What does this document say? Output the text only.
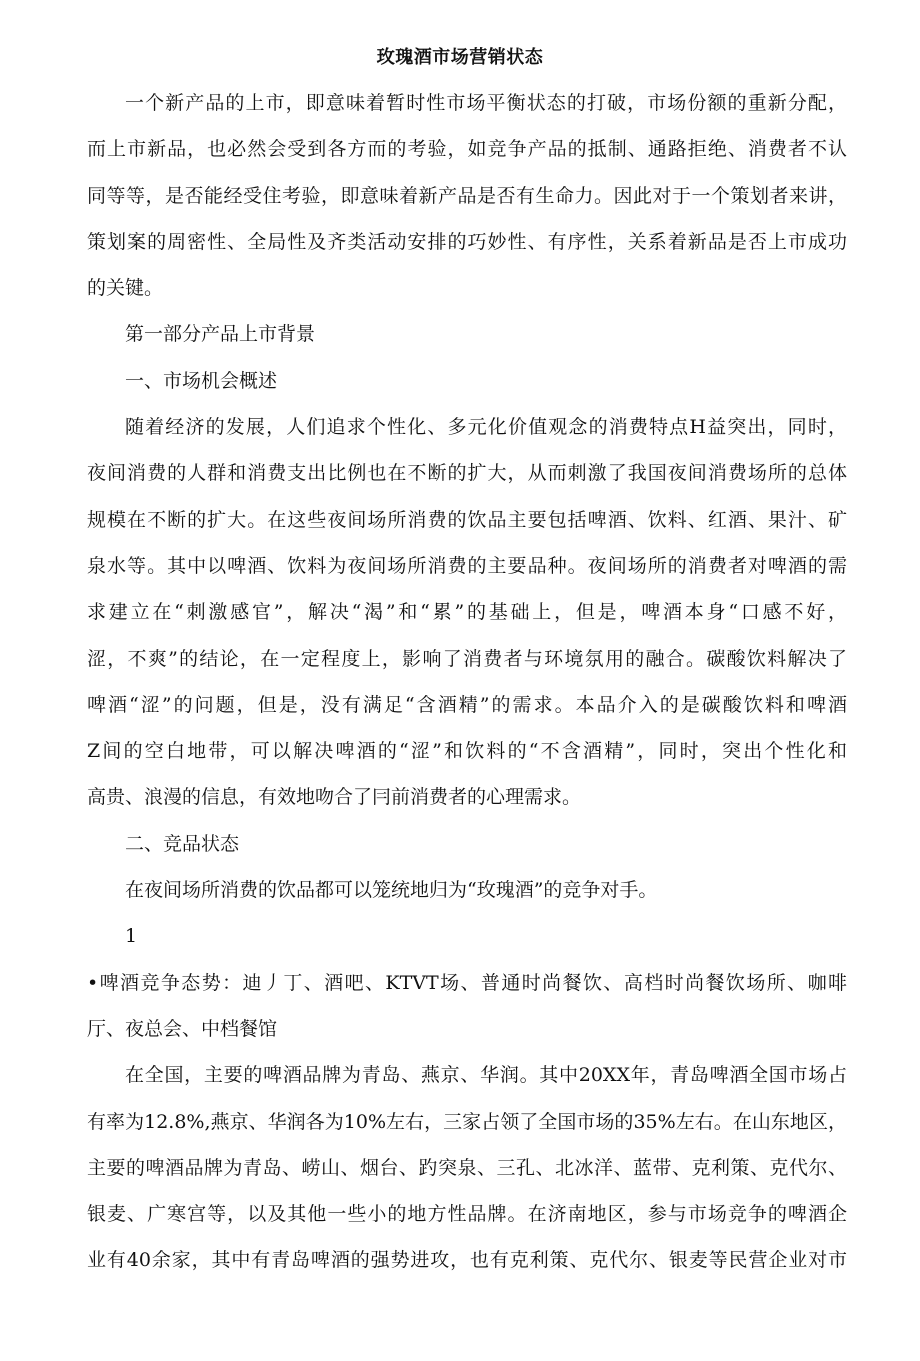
玫瑰酒市场营销状态
一个新产品的上市，即意味着暂时性市场平衡状态的打破，市场份额的重新分配，
而上市新品，也必然会受到各方而的考验，如竞争产品的抵制、通路拒绝、消费者不认
同等等，是否能经受住考验，即意味着新产品是否有生命力。因此对于一个策划者来讲，
策划案的周密性、全局性及齐类活动安排的巧妙性、有序性，关系着新品是否上市成功
的关键。
第一部分产品上市背景
一、市场机会概述
随着经济的发展，人们追求个性化、多元化价值观念的消费特点H益突出，同时，
夜间消费的人群和消费支出比例也在不断的扩大，从而刺激了我国夜间消费场所的总体
规模在不断的扩大。在这些夜间场所消费的饮品主要包括啤酒、饮料、红酒、果汁、矿
泉水等。其中以啤酒、饮料为夜间场所消费的主要品种。夜间场所的消费者对啤酒的需
求建立在“刺激感官”，解决“渴”和“累”的基础上，但是，啤酒本身“口感不好，
涩，不爽”的结论，在一定程度上，影响了消费者与环境氛用的融合。碳酸饮料解决了
啤酒“涩”的问题，但是，没有满足“含酒精”的需求。本品介入的是碳酸饮料和啤酒
Z间的空白地带，可以解决啤酒的“涩”和饮料的“不含酒精”，同时，突出个性化和
高贵、浪漫的信息，有效地吻合了冃前消费者的心理需求。
二、竞品状态
在夜间场所消费的饮品都可以笼统地归为“玫瑰酒”的竞争对手。
1
•啤酒竞争态势：迪丿丁、酒吧、KTVT场、普通时尚餐饮、高档时尚餐饮场所、咖啡
厅、夜总会、中档餐馆
在全国，主要的啤酒品牌为青岛、燕京、华润。其中20XX年，青岛啤酒全国市场占
有率为12.8%,燕京、华润各为10%左右，三家占领了全国市场的35%左右。在山东地区，
主要的啤酒品牌为青岛、崂山、烟台、趵突泉、三孔、北冰洋、蓝带、克利策、克代尔、
银麦、广寒宫等，以及其他一些小的地方性品牌。在济南地区，参与市场竞争的啤酒企
业有40余家，其中有青岛啤酒的强势进攻，也有克利策、克代尔、银麦等民营企业对市
